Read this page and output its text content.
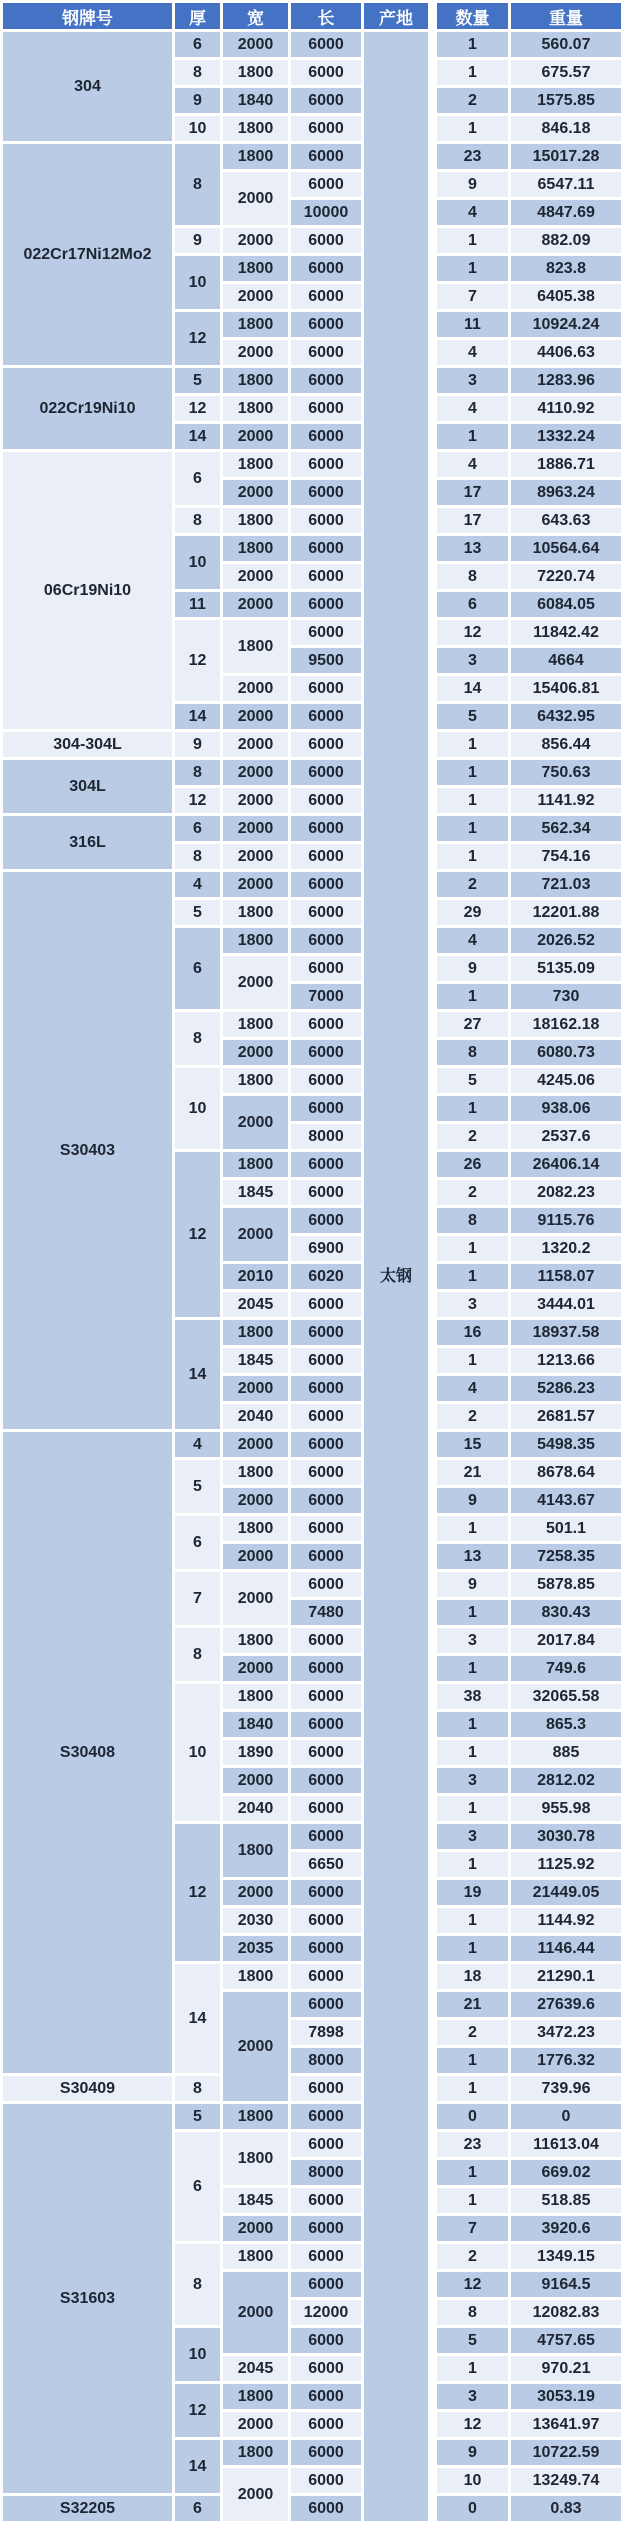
钢牌号	厚	宽	长	产地	数量	重量
304	6	2000	6000	太钢	1	560.07
	8	1800	6000		1	675.57
	9	1840	6000		2	1575.85
	10	1800	6000		1	846.18
022Cr17Ni12Mo2	8	1800	6000		23	15017.28
		2000	6000		9	6547.11
			10000		4	4847.69
	9	2000	6000		1	882.09
	10	1800	6000		1	823.8
		2000	6000		7	6405.38
	12	1800	6000		11	10924.24
		2000	6000		4	4406.63
022Cr19Ni10	5	1800	6000		3	1283.96
	12	1800	6000		4	4110.92
	14	2000	6000		1	1332.24
06Cr19Ni10	6	1800	6000		4	1886.71
		2000	6000		17	8963.24
	8	1800	6000		17	643.63
	10	1800	6000		13	10564.64
		2000	6000		8	7220.74
	11	2000	6000		6	6084.05
	12	1800	6000		12	11842.42
			9500		3	4664
		2000	6000		14	15406.81
	14	2000	6000		5	6432.95
304-304L	9	2000	6000		1	856.44
304L	8	2000	6000		1	750.63
	12	2000	6000		1	1141.92
316L	6	2000	6000		1	562.34
	8	2000	6000		1	754.16
S30403	4	2000	6000		2	721.03
	5	1800	6000		29	12201.88
	6	1800	6000		4	2026.52
		2000	6000		9	5135.09
			7000		1	730
	8	1800	6000		27	18162.18
		2000	6000		8	6080.73
	10	1800	6000		5	4245.06
		2000	6000		1	938.06
			8000		2	2537.6
	12	1800	6000		26	26406.14
		1845	6000		2	2082.23
		2000	6000		8	9115.76
			6900		1	1320.2
		2010	6020		1	1158.07
		2045	6000		3	3444.01
	14	1800	6000		16	18937.58
		1845	6000		1	1213.66
		2000	6000		4	5286.23
		2040	6000		2	2681.57
S30408	4	2000	6000		15	5498.35
	5	1800	6000		21	8678.64
		2000	6000		9	4143.67
	6	1800	6000		1	501.1
		2000	6000		13	7258.35
	7	2000	6000		9	5878.85
			7480		1	830.43
	8	1800	6000		3	2017.84
		2000	6000		1	749.6
	10	1800	6000		38	32065.58
		1840	6000		1	865.3
		1890	6000		1	885
		2000	6000		3	2812.02
		2040	6000		1	955.98
	12	1800	6000		3	3030.78
			6650		1	1125.92
		2000	6000		19	21449.05
		2030	6000		1	1144.92
		2035	6000		1	1146.44
	14	1800	6000		18	21290.1
		2000	6000		21	27639.6
			7898		2	3472.23
			8000		1	1776.32
S30409	8		6000		1	739.96
S31603	5	1800	6000		0	0
	6	1800	6000		23	11613.04
			8000		1	669.02
		1845	6000		1	518.85
		2000	6000		7	3920.6
	8	1800	6000		2	1349.15
		2000	6000		12	9164.5
			12000		8	12082.83
	10		6000		5	4757.65
		2045	6000		1	970.21
	12	1800	6000		3	3053.19
		2000	6000		12	13641.97
	14	1800	6000		9	10722.59
		2000	6000		10	13249.74
S32205	6		6000		0	0.83
